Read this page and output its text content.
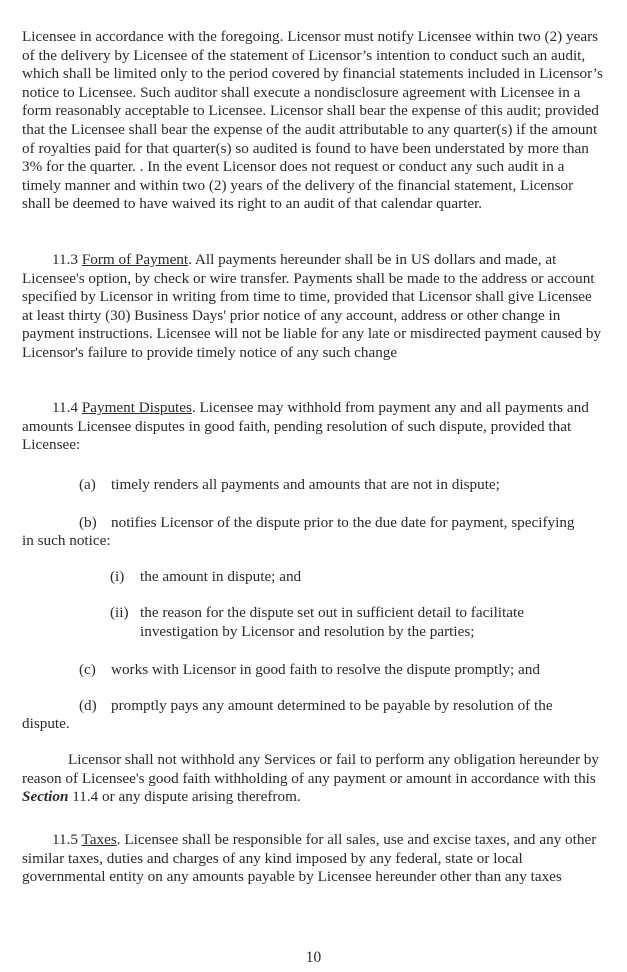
Licensee in accordance with the foregoing. Licensor must notify Licensee within two (2) years of the delivery by Licensee of the statement of Licensor’s intention to conduct such an audit, which shall be limited only to the period covered by financial statements included in Licensor’s notice to Licensee. Such auditor shall execute a nondisclosure agreement with Licensee in a form reasonably acceptable to Licensee. Licensor shall bear the expense of this audit; provided that the Licensee shall bear the expense of the audit attributable to any quarter(s) if the amount of royalties paid for that quarter(s) so audited is found to have been understated by more than 3% for the quarter. . In the event Licensor does not request or conduct any such audit in a timely manner and within two (2) years of the delivery of the financial statement, Licensor shall be deemed to have waived its right to an audit of that calendar quarter.

11.3 Form of Payment. All payments hereunder shall be in US dollars and made, at Licensee's option, by check or wire transfer. Payments shall be made to the address or account specified by Licensor in writing from time to time, provided that Licensor shall give Licensee at least thirty (30) Business Days' prior notice of any account, address or other change in payment instructions. Licensee will not be liable for any late or misdirected payment caused by Licensor's failure to provide timely notice of any such change

11.4 Payment Disputes. Licensee may withhold from payment any and all payments and amounts Licensee disputes in good faith, pending resolution of such dispute, provided that Licensee:

(a) timely renders all payments and amounts that are not in dispute;
(b) notifies Licensor of the dispute prior to the due date for payment, specifying
in such notice:
(i) the amount in dispute; and
(ii) the reason for the dispute set out in sufficient detail to facilitate investigation by Licensor and resolution by the parties;
(c) works with Licensor in good faith to resolve the dispute promptly; and
(d) promptly pays any amount determined to be payable by resolution of the
dispute.

Licensor shall not withhold any Services or fail to perform any obligation hereunder by reason of Licensee's good faith withholding of any payment or amount in accordance with this Section 11.4 or any dispute arising therefrom.

11.5 Taxes. Licensee shall be responsible for all sales, use and excise taxes, and any other similar taxes, duties and charges of any kind imposed by any federal, state or local governmental entity on any amounts payable by Licensee hereunder other than any taxes

10
